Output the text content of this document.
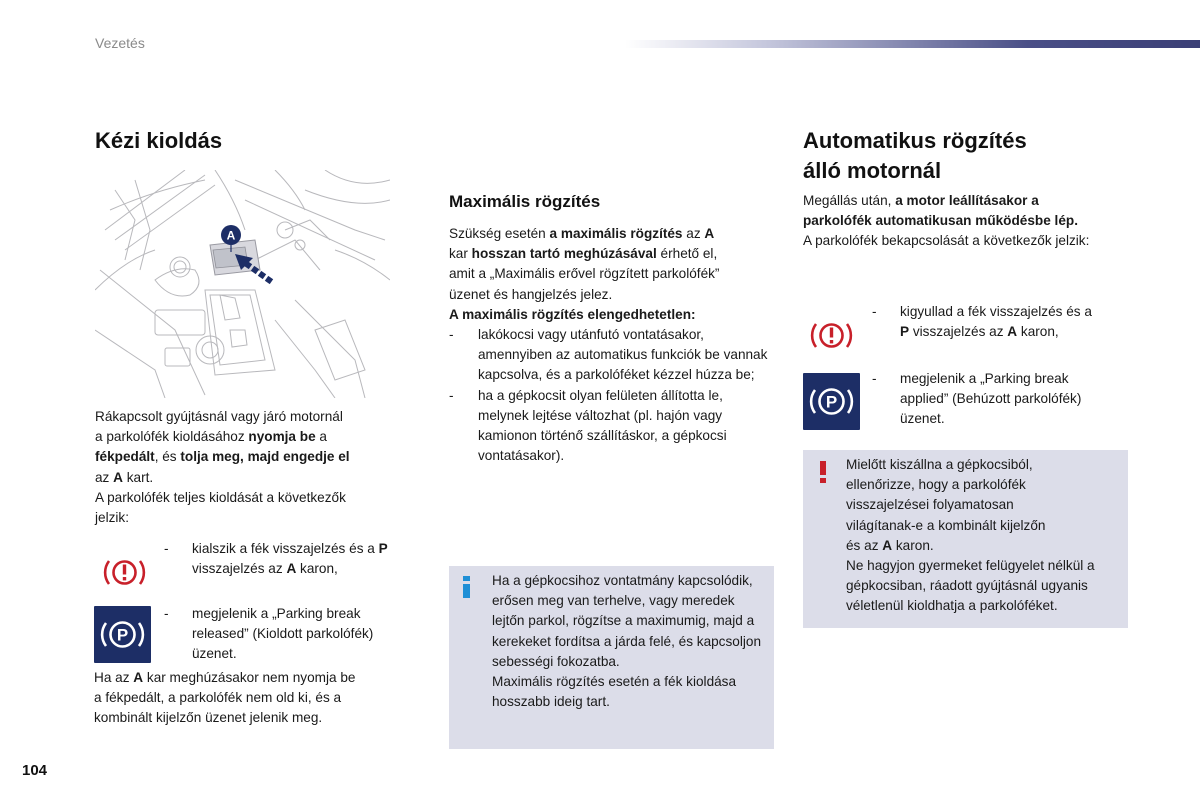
Vezetés
Kézi kioldás
A
Rákapcsolt gyújtásnál vagy járó motornál
a parkolófék kioldásához nyomja be a
fékpedált, és tolja meg, majd engedje el
az A kart.
A parkolófék teljes kioldását a következők
jelzik:
- kialszik a fék visszajelzés és a P
visszajelzés az A karon,
P
- megjelenik a „Parking break
released” (Kioldott parkolófék)
üzenet.
Ha az A kar meghúzásakor nem nyomja be
a fékpedált, a parkolófék nem old ki, és a
kombinált kijelzőn üzenet jelenik meg.
Maximális rögzítés
Szükség esetén a maximális rögzítés az A
kar hosszan tartó meghúzásával érhető el,
amit a „Maximális erővel rögzített parkolófék”
üzenet és hangjelzés jelez.
A maximális rögzítés elengedhetetlen:
- lakókocsi vagy utánfutó vontatásakor, amennyiben az automatikus funkciók be vannak kapcsolva, és a parkolóféket kézzel húzza be;
- ha a gépkocsit olyan felületen állította le, melynek lejtése változhat (pl. hajón vagy kamionon történő szállításkor, a gépkocsi vontatásakor).
Ha a gépkocsihoz vontatmány kapcsolódik, erősen meg van terhelve, vagy meredek lejtőn parkol, rögzítse a maximumig, majd a kerekeket fordítsa a járda felé, és kapcsoljon sebességi fokozatba.
Maximális rögzítés esetén a fék kioldása hosszabb ideig tart.
Automatikus rögzítés
álló motornál
Megállás után, a motor leállításakor a
parkolófék automatikusan működésbe lép.
A parkolófék bekapcsolását a következők jelzik:
- kigyullad a fék visszajelzés és a
P visszajelzés az A karon,
P
- megjelenik a „Parking break
applied” (Behúzott parkolófék)
üzenet.
Mielőtt kiszállna a gépkocsiból,
ellenőrizze, hogy a parkolófék
visszajelzései folyamatosan
világítanak-e a kombinált kijelzőn
és az A karon.
Ne hagyjon gyermeket felügyelet nélkül a
gépkocsiban, ráadott gyújtásnál ugyanis
véletlenül kioldhatja a parkolóféket.
104
